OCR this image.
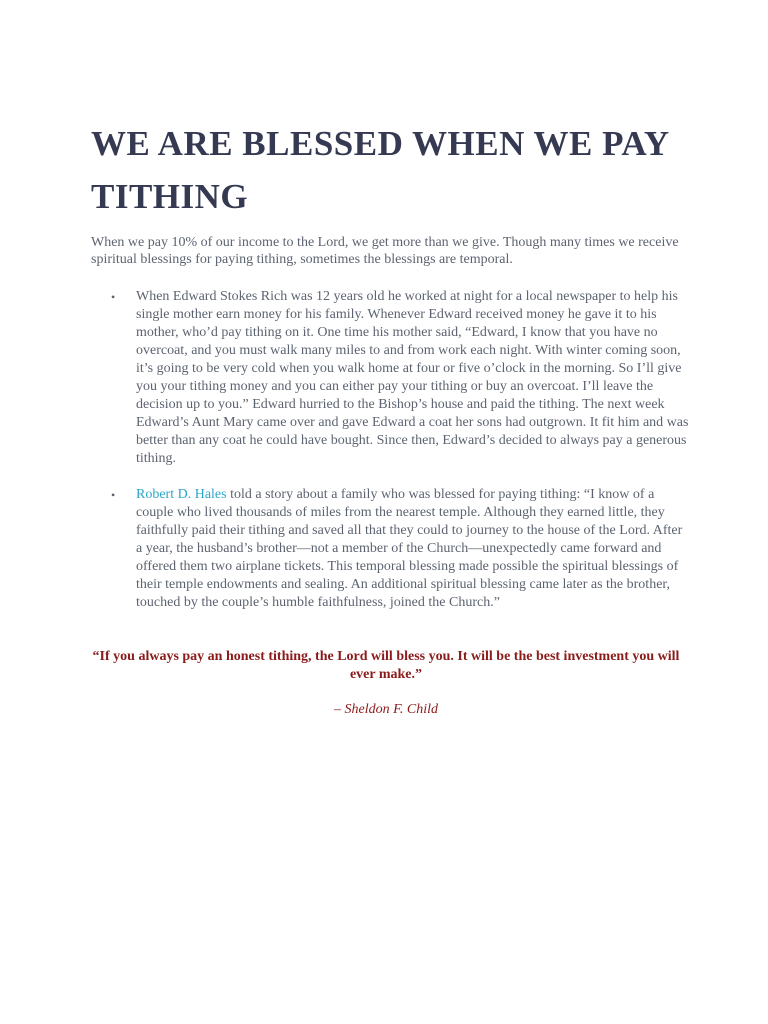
WE ARE BLESSED WHEN WE PAY TITHING

When we pay 10% of our income to the Lord, we get more than we give. Though many times we receive spiritual blessings for paying tithing, sometimes the blessings are temporal.

• When Edward Stokes Rich was 12 years old he worked at night for a local newspaper to help his single mother earn money for his family. Whenever Edward received money he gave it to his mother, who’d pay tithing on it. One time his mother said, “Edward, I know that you have no overcoat, and you must walk many miles to and from work each night. With winter coming soon, it’s going to be very cold when you walk home at four or five o’clock in the morning. So I’ll give you your tithing money and you can either pay your tithing or buy an overcoat. I’ll leave the decision up to you.” Edward hurried to the Bishop’s house and paid the tithing. The next week Edward’s Aunt Mary came over and gave Edward a coat her sons had outgrown. It fit him and was better than any coat he could have bought. Since then, Edward’s decided to always pay a generous tithing.
• Robert D. Hales told a story about a family who was blessed for paying tithing: “I know of a couple who lived thousands of miles from the nearest temple. Although they earned little, they faithfully paid their tithing and saved all that they could to journey to the house of the Lord. After a year, the husband’s brother—not a member of the Church—unexpectedly came forward and offered them two airplane tickets. This temporal blessing made possible the spiritual blessings of their temple endowments and sealing. An additional spiritual blessing came later as the brother, touched by the couple’s humble faithfulness, joined the Church.”

“If you always pay an honest tithing, the Lord will bless you. It will be the best investment you will ever make.”

– Sheldon F. Child
